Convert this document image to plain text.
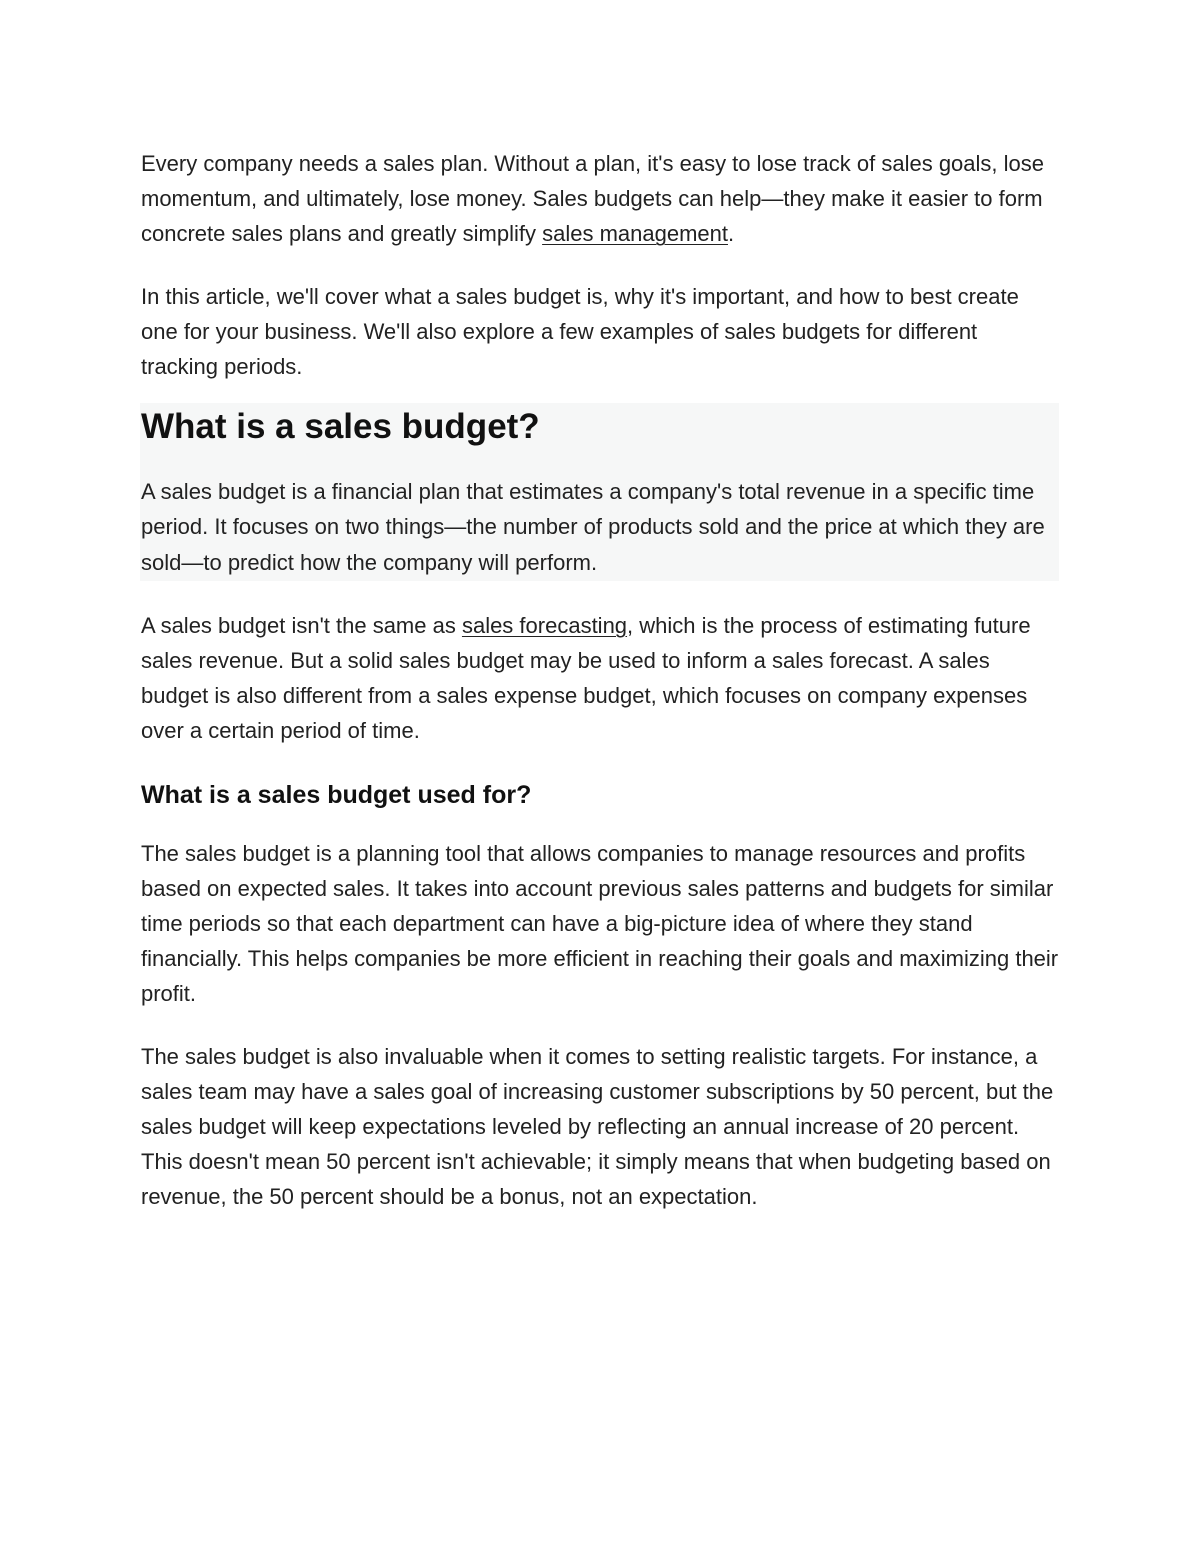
Every company needs a sales plan. Without a plan, it's easy to lose track of sales goals, lose momentum, and ultimately, lose money. Sales budgets can help—they make it easier to form concrete sales plans and greatly simplify sales management.

In this article, we'll cover what a sales budget is, why it's important, and how to best create one for your business. We'll also explore a few examples of sales budgets for different tracking periods.

What is a sales budget?

A sales budget is a financial plan that estimates a company's total revenue in a specific time period. It focuses on two things—the number of products sold and the price at which they are sold—to predict how the company will perform.

A sales budget isn't the same as sales forecasting, which is the process of estimating future sales revenue. But a solid sales budget may be used to inform a sales forecast. A sales budget is also different from a sales expense budget, which focuses on company expenses over a certain period of time.

What is a sales budget used for?

The sales budget is a planning tool that allows companies to manage resources and profits based on expected sales. It takes into account previous sales patterns and budgets for similar time periods so that each department can have a big-picture idea of where they stand financially. This helps companies be more efficient in reaching their goals and maximizing their profit.

The sales budget is also invaluable when it comes to setting realistic targets. For instance, a sales team may have a sales goal of increasing customer subscriptions by 50 percent, but the sales budget will keep expectations leveled by reflecting an annual increase of 20 percent. This doesn't mean 50 percent isn't achievable; it simply means that when budgeting based on revenue, the 50 percent should be a bonus, not an expectation.
